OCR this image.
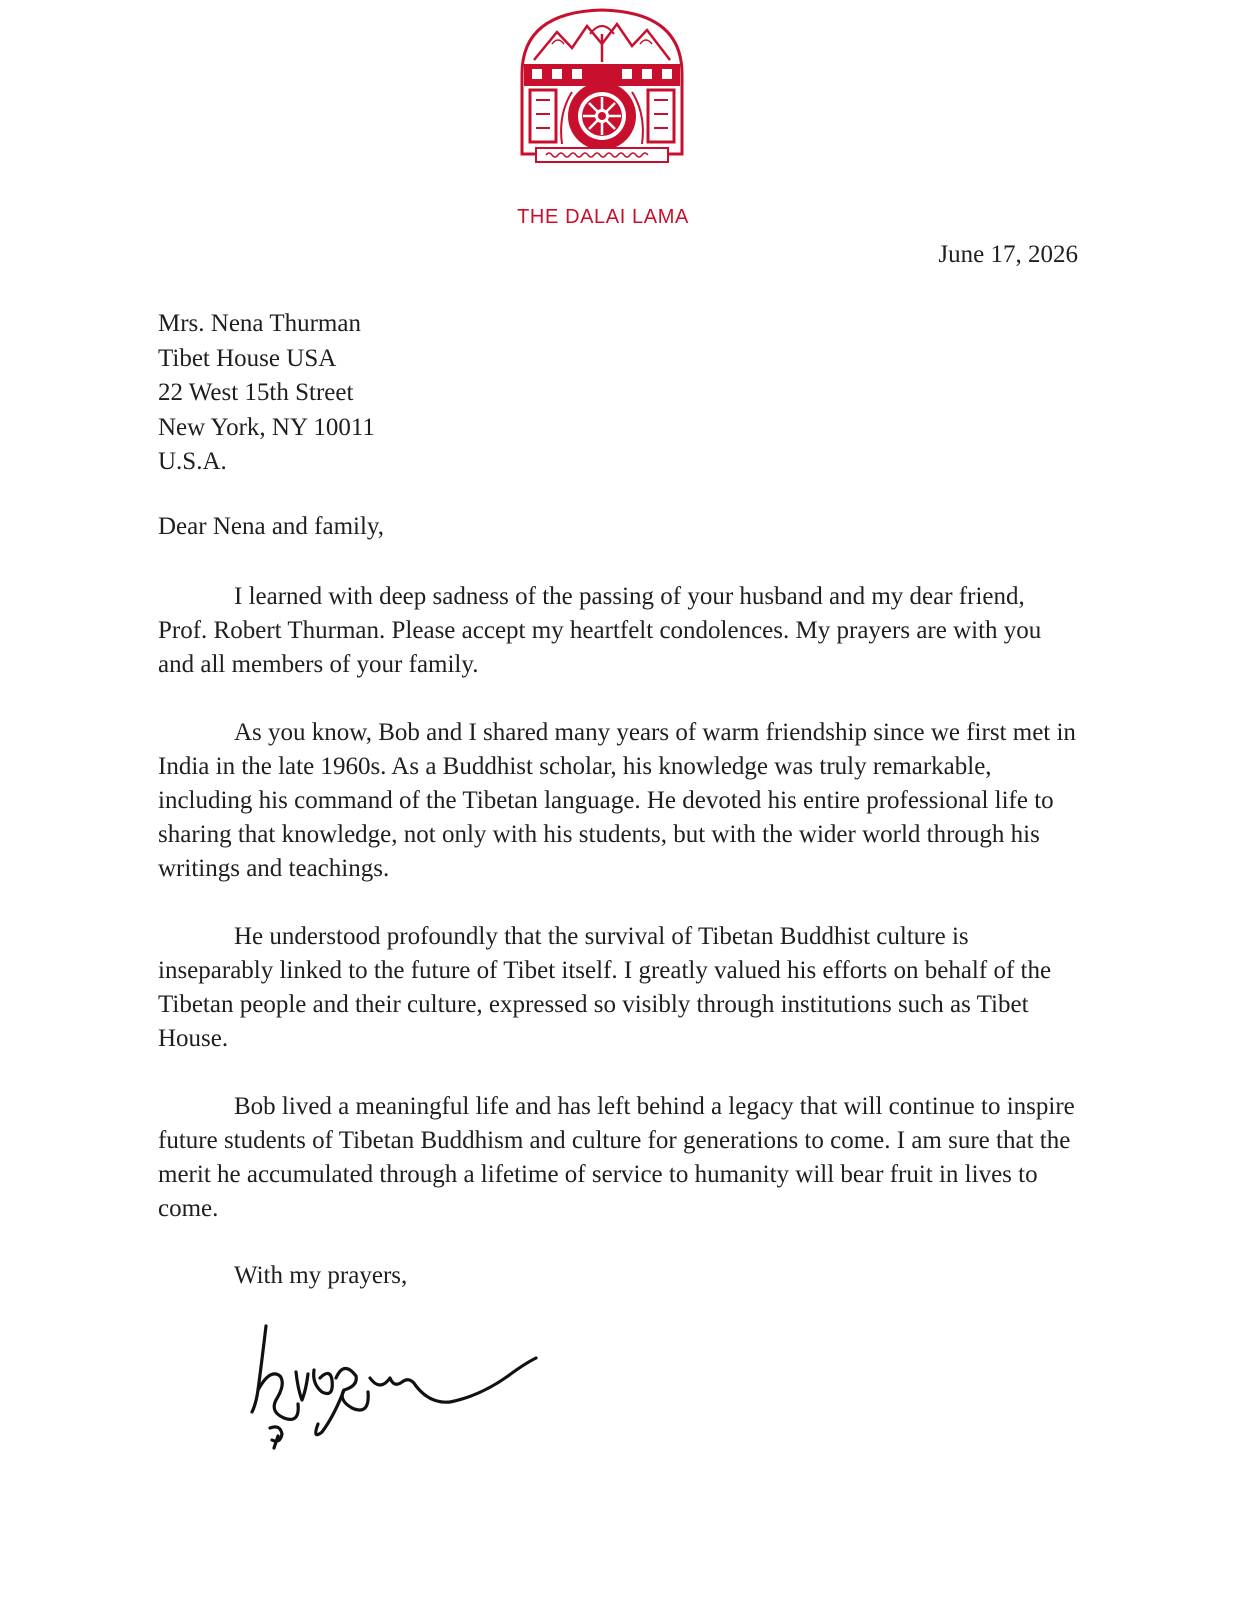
THE DALAI LAMA
June 17, 2026
Mrs. Nena Thurman
Tibet House USA
22 West 15th Street
New York, NY 10011
U.S.A.
Dear Nena and family,

I learned with deep sadness of the passing of your husband and my dear friend, Prof. Robert Thurman. Please accept my heartfelt condolences. My prayers are with you and all members of your family.

As you know, Bob and I shared many years of warm friendship since we first met in India in the late 1960s. As a Buddhist scholar, his knowledge was truly remarkable, including his command of the Tibetan language. He devoted his entire professional life to sharing that knowledge, not only with his students, but with the wider world through his writings and teachings.

He understood profoundly that the survival of Tibetan Buddhist culture is inseparably linked to the future of Tibet itself. I greatly valued his efforts on behalf of the Tibetan people and their culture, expressed so visibly through institutions such as Tibet House.

Bob lived a meaningful life and has left behind a legacy that will continue to inspire future students of Tibetan Buddhism and culture for generations to come. I am sure that the merit he accumulated through a lifetime of service to humanity will bear fruit in lives to come.

With my prayers,
